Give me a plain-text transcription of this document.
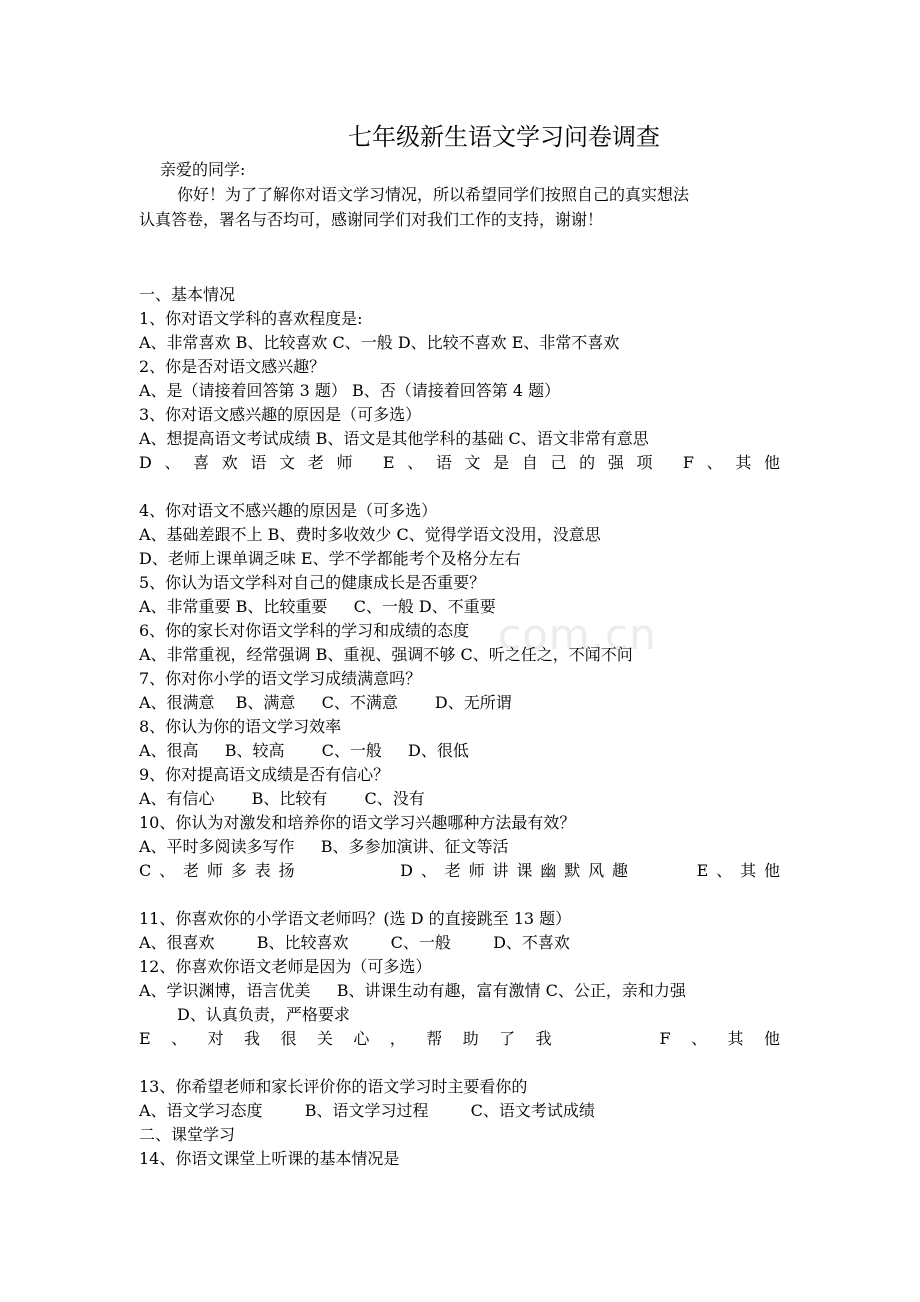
com.cn
七年级新生语文学习问卷调查
亲爱的同学:
你好！为了了解你对语文学习情况，所以希望同学们按照自己的真实想法
认真答卷，署名与否均可，感谢同学们对我们工作的支持，谢谢！
一、基本情况
1、你对语文学科的喜欢程度是:
A、非常喜欢 B、比较喜欢 C、一般 D、比较不喜欢 E、非常不喜欢
2、你是否对语文感兴趣？
A、是（请接着回答第 3 题） B、否（请接着回答第 4 题）
3、你对语文感兴趣的原因是（可多选）
A、想提高语文考试成绩 B、语文是其他学科的基础 C、语文非常有意思
D、喜欢语文老师 E、语文是自己的强项 F、其他
4、你对语文不感兴趣的原因是（可多选）
A、基础差跟不上 B、费时多收效少 C、觉得学语文没用，没意思
D、老师上课单调乏味 E、学不学都能考个及格分左右
5、你认为语文学科对自己的健康成长是否重要？
A、非常重要 B、比较重要 　 C、一般 D、不重要
6、你的家长对你语文学科的学习和成绩的态度
A、非常重视，经常强调 B、重视、强调不够 C、听之任之，不闻不问
7、你对你小学的语文学习成绩满意吗？
A、很满意 　B、满意 　 C、不满意 　　D、无所谓
8、你认为你的语文学习效率
A、很高 　 B、较高 　　C、一般 　 D、很低
9、你对提高语文成绩是否有信心？
A、有信心 　　B、比较有 　　C、没有
10、你认为对激发和培养你的语文学习兴趣哪种方法最有效？
A、平时多阅读多写作 　 B、多参加演讲、征文等活
C、老师多表扬 　　　 D、老师讲课幽默风趣 　　E、其他
11、你喜欢你的小学语文老师吗？(选 D 的直接跳至 13 题）
A、很喜欢 　　 B、比较喜欢 　　 C、一般 　　 D、不喜欢
12、你喜欢你语文老师是因为（可多选）
A、学识渊博，语言优美 　 B、讲课生动有趣，富有激情 C、公正，亲和力强
D、认真负责，严格要求
E、对我很关心，帮助了我 　 F、其他
13、你希望老师和家长评价你的语文学习时主要看你的
A、语文学习态度 　　 B、语文学习过程 　　 C、语文考试成绩
二、课堂学习
14、你语文课堂上听课的基本情况是
